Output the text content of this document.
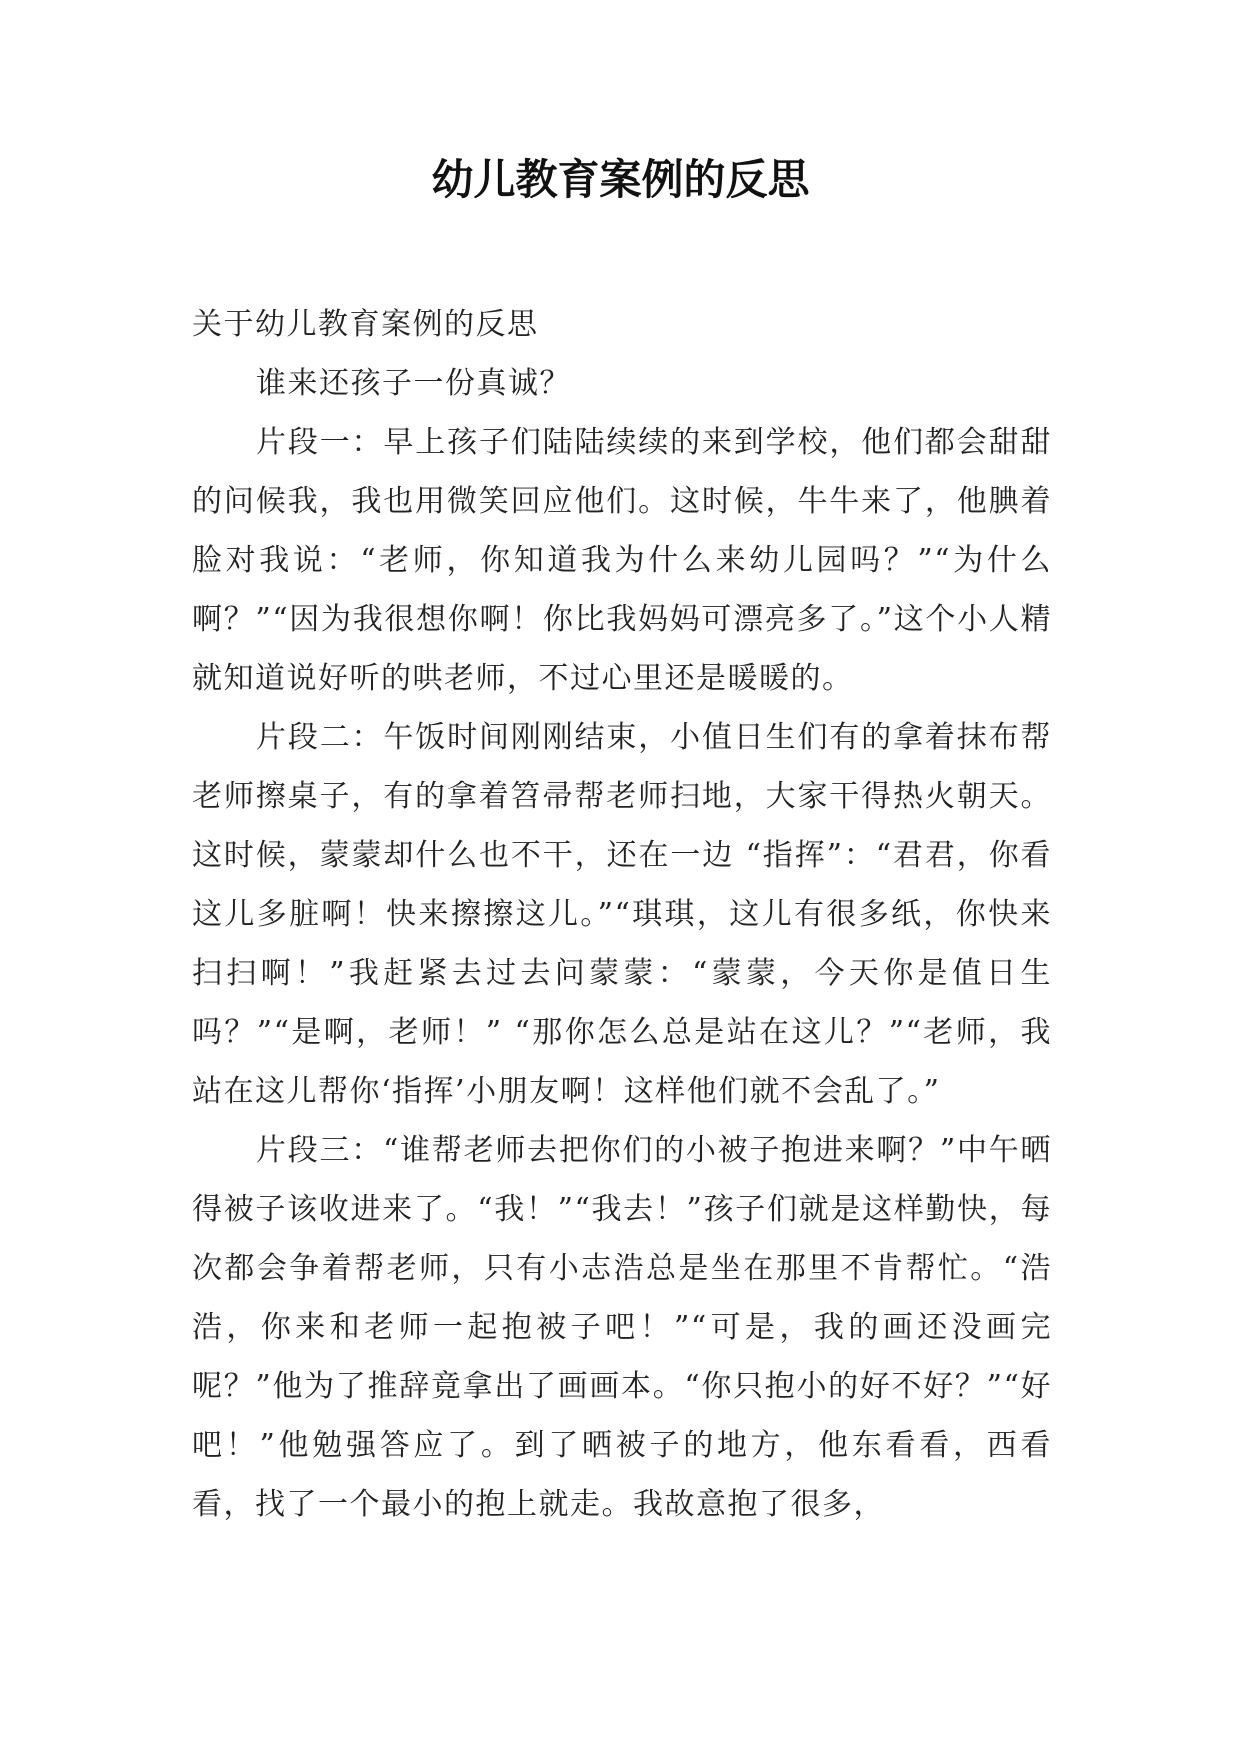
幼儿教育案例的反思

关于幼儿教育案例的反思

谁来还孩子一份真诚？

片段一：早上孩子们陆陆续续的来到学校，他们都会甜甜的问候我，我也用微笑回应他们。这时候，牛牛来了，他腆着脸对我说：“老师，你知道我为什么来幼儿园吗？”“为什么啊？”“因为我很想你啊！你比我妈妈可漂亮多了。”这个小人精就知道说好听的哄老师，不过心里还是暖暖的。

片段二：午饭时间刚刚结束，小值日生们有的拿着抹布帮老师擦桌子，有的拿着笤帚帮老师扫地，大家干得热火朝天。这时候，蒙蒙却什么也不干，还在一边 “指挥”：“君君，你看这儿多脏啊！快来擦擦这儿。”“琪琪，这儿有很多纸，你快来扫扫啊！”我赶紧去过去问蒙蒙：“蒙蒙，今天你是值日生吗？”“是啊，老师！” “那你怎么总是站在这儿？”“老师，我站在这儿帮你‘指挥’小朋友啊！这样他们就不会乱了。”

片段三：“谁帮老师去把你们的小被子抱进来啊？”中午晒得被子该收进来了。“我！”“我去！”孩子们就是这样勤快，每次都会争着帮老师，只有小志浩总是坐在那里不肯帮忙。“浩浩，你来和老师一起抱被子吧！”“可是，我的画还没画完呢？”他为了推辞竟拿出了画画本。“你只抱小的好不好？”“好吧！”他勉强答应了。到了晒被子的地方，他东看看，西看看，找了一个最小的抱上就走。我故意抱了很多，
